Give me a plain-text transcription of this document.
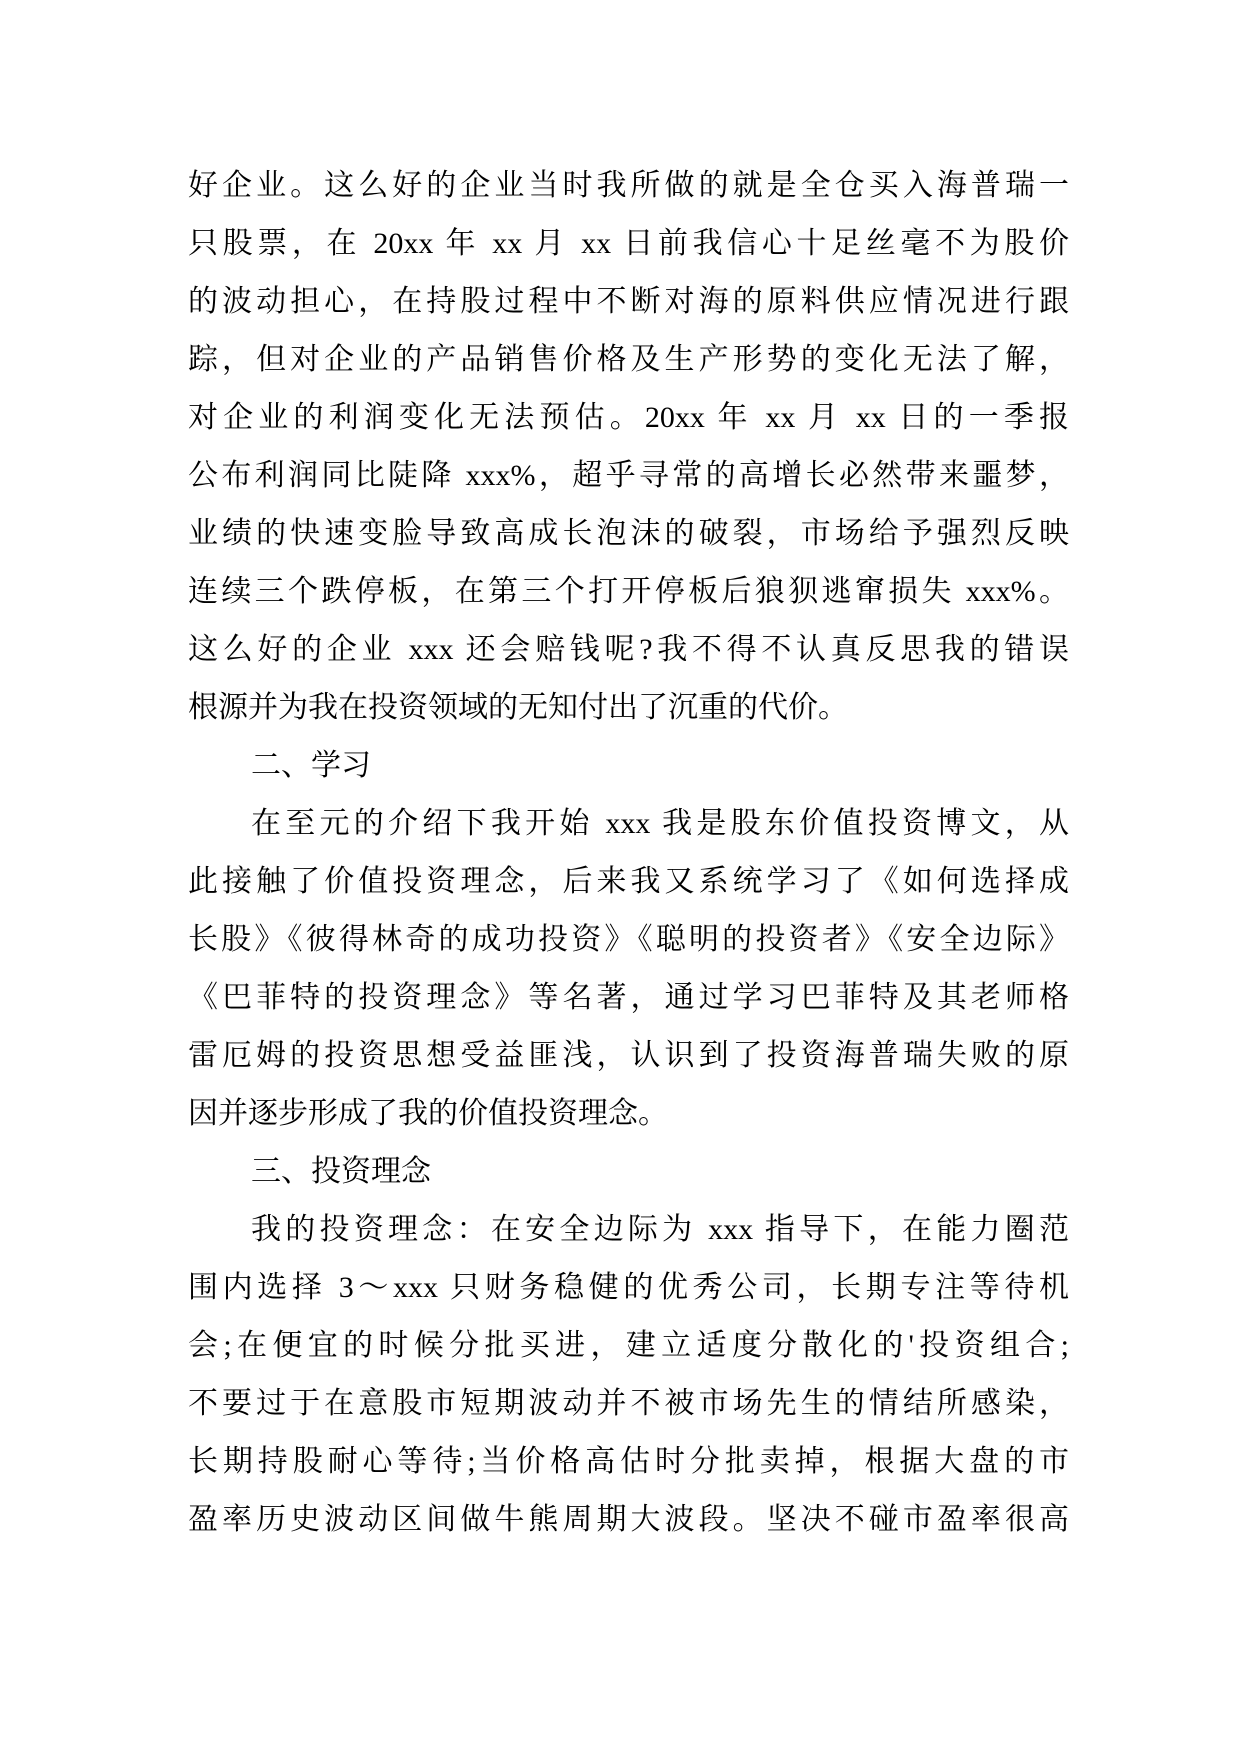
好企业。这么好的企业当时我所做的就是全仓买入海普瑞一
只股票，在 20xx 年 xx 月 xx 日前我信心十足丝毫不为股价
的波动担心，在持股过程中不断对海的原料供应情况进行跟
踪，但对企业的产品销售价格及生产形势的变化无法了解，
对企业的利润变化无法预估。20xx 年 xx 月 xx 日的一季报
公布利润同比陡降 xxx%，超乎寻常的高增长必然带来噩梦，
业绩的快速变脸导致高成长泡沫的破裂，市场给予强烈反映
连续三个跌停板，在第三个打开停板后狼狈逃窜损失 xxx%。
这么好的企业 xxx 还会赔钱呢?我不得不认真反思我的错误
根源并为我在投资领域的无知付出了沉重的代价。
二、学习
在至元的介绍下我开始 xxx 我是股东价值投资博文，从
此接触了价值投资理念，后来我又系统学习了《如何选择成
长股》《彼得林奇的成功投资》《聪明的投资者》《安全边际》
《巴菲特的投资理念》等名著，通过学习巴菲特及其老师格
雷厄姆的投资思想受益匪浅，认识到了投资海普瑞失败的原
因并逐步形成了我的价值投资理念。
三、投资理念
我的投资理念：在安全边际为 xxx 指导下，在能力圈范
围内选择 3～xxx 只财务稳健的优秀公司，长期专注等待机
会;在便宜的时候分批买进，建立适度分散化的'投资组合;
不要过于在意股市短期波动并不被市场先生的情结所感染，
长期持股耐心等待;当价格高估时分批卖掉，根据大盘的市
盈率历史波动区间做牛熊周期大波段。坚决不碰市盈率很高
